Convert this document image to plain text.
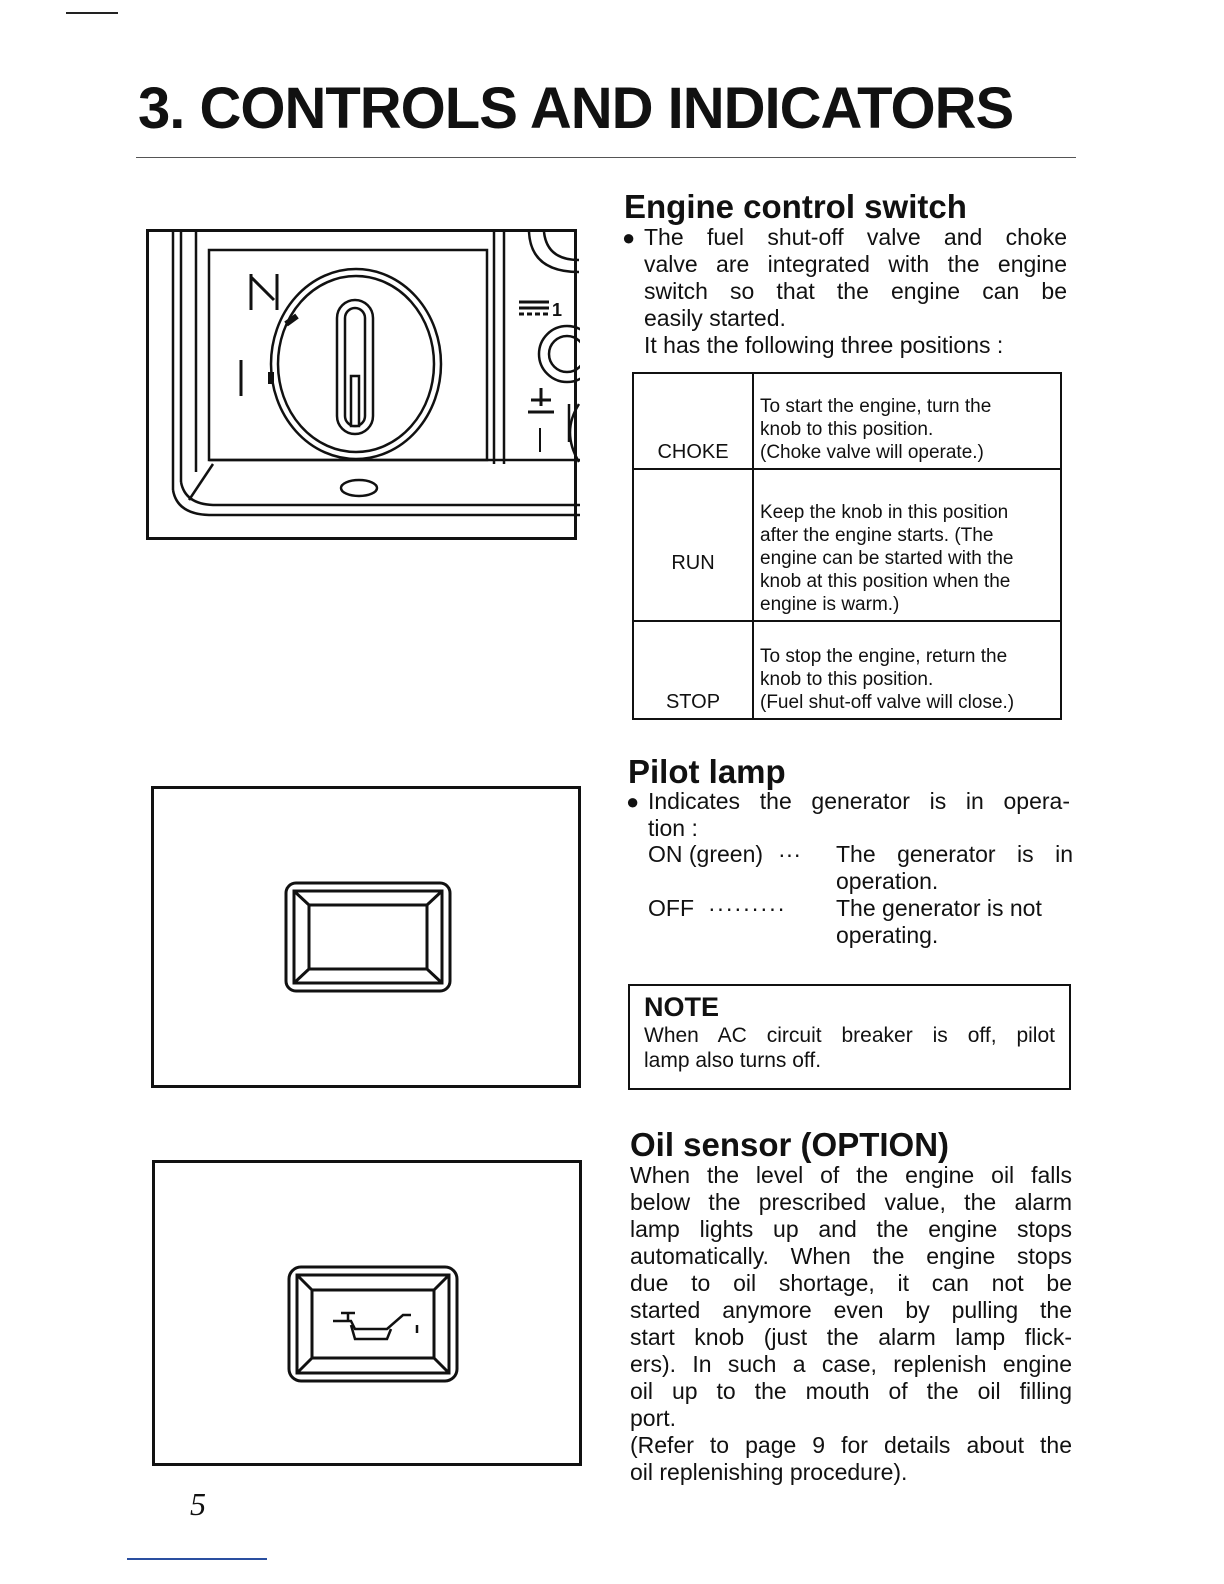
3. CONTROLS AND INDICATORS
1
Engine control switch
● The fuel shut-off valve and choke
valve are integrated with the engine
switch so that the engine can be
easily started.
It has the following three positions :
CHOKE	To start the engine, turn the
knob to this position.
(Choke valve will operate.)

RUN	Keep the knob in this position
after the engine starts. (The
engine can be started with the
knob at this position when the
engine is warm.)

STOP	To stop the engine, return the
knob to this position.
(Fuel shut-off valve will close.)
Pilot lamp
● Indicates the generator is in opera-
tion :
ON (green) ···	The generator is in
operation.
OFF ·········	The generator is not
operating.
NOTE
When AC circuit breaker is off, pilot
lamp also turns off.
Oil sensor (OPTION)
When the level of the engine oil falls
below the prescribed value, the alarm
lamp lights up and the engine stops
automatically. When the engine stops
due to oil shortage, it can not be
started anymore even by pulling the
start knob (just the alarm lamp flick-
ers). In such a case, replenish engine
oil up to the mouth of the oil filling
port.
(Refer to page 9 for details about the
oil replenishing procedure).
5
